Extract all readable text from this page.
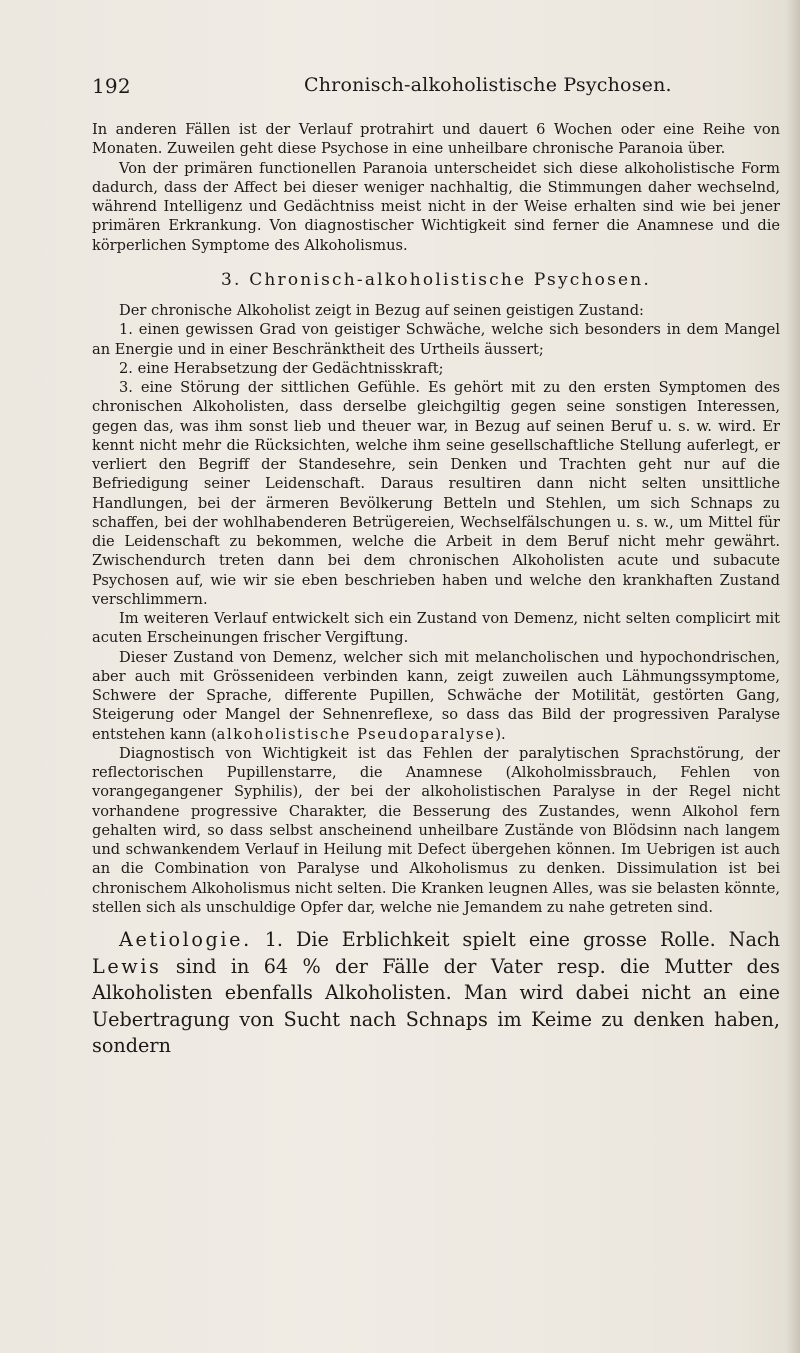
192	Chronisch-alkoholistische Psychosen.

In anderen Fällen ist der Verlauf protrahirt und dauert 6 Wochen oder eine Reihe von Monaten. Zuweilen geht diese Psychose in eine unheilbare chronische Paranoia über.

Von der primären functionellen Paranoia unterscheidet sich diese alkoholistische Form dadurch, dass der Affect bei dieser weniger nachhaltig, die Stimmungen daher wechselnd, während Intelligenz und Gedächtniss meist nicht in der Weise erhalten sind wie bei jener primären Erkrankung. Von diagnostischer Wichtigkeit sind ferner die Anamnese und die körperlichen Symptome des Alkoholismus.

3. Chronisch-alkoholistische Psychosen.

Der chronische Alkoholist zeigt in Bezug auf seinen geistigen Zustand:

1. einen gewissen Grad von geistiger Schwäche, welche sich besonders in dem Mangel an Energie und in einer Beschränktheit des Urtheils äussert;

2. eine Herabsetzung der Gedächtnisskraft;

3. eine Störung der sittlichen Gefühle. Es gehört mit zu den ersten Symptomen des chronischen Alkoholisten, dass derselbe gleichgiltig gegen seine sonstigen Interessen, gegen das, was ihm sonst lieb und theuer war, in Bezug auf seinen Beruf u. s. w. wird. Er kennt nicht mehr die Rücksichten, welche ihm seine gesellschaftliche Stellung auferlegt, er verliert den Begriff der Standesehre, sein Denken und Trachten geht nur auf die Befriedigung seiner Leidenschaft. Daraus resultiren dann nicht selten unsittliche Handlungen, bei der ärmeren Bevölkerung Betteln und Stehlen, um sich Schnaps zu schaffen, bei der wohlhabenderen Betrügereien, Wechselfälschungen u. s. w., um Mittel für die Leidenschaft zu bekommen, welche die Arbeit in dem Beruf nicht mehr gewährt. Zwischendurch treten dann bei dem chronischen Alkoholisten acute und subacute Psychosen auf, wie wir sie eben beschrieben haben und welche den krankhaften Zustand verschlimmern.

Im weiteren Verlauf entwickelt sich ein Zustand von Demenz, nicht selten complicirt mit acuten Erscheinungen frischer Vergiftung.

Dieser Zustand von Demenz, welcher sich mit melancholischen und hypochondrischen, aber auch mit Grössenideen verbinden kann, zeigt zuweilen auch Lähmungssymptome, Schwere der Sprache, differente Pupillen, Schwäche der Motilität, gestörten Gang, Steigerung oder Mangel der Sehnenreflexe, so dass das Bild der progressiven Paralyse entstehen kann (alkoholistische Pseudoparalyse).

Diagnostisch von Wichtigkeit ist das Fehlen der paralytischen Sprachstörung, der reflectorischen Pupillenstarre, die Anamnese (Alkoholmissbrauch, Fehlen von vorangegangener Syphilis), der bei der alkoholistischen Paralyse in der Regel nicht vorhandene progressive Charakter, die Besserung des Zustandes, wenn Alkohol fern gehalten wird, so dass selbst anscheinend unheilbare Zustände von Blödsinn nach langem und schwankendem Verlauf in Heilung mit Defect übergehen können. Im Uebrigen ist auch an die Combination von Paralyse und Alkoholismus zu denken. Dissimulation ist bei chronischem Alkoholismus nicht selten. Die Kranken leugnen Alles, was sie belasten könnte, stellen sich als unschuldige Opfer dar, welche nie Jemandem zu nahe getreten sind.

Aetiologie. 1. Die Erblichkeit spielt eine grosse Rolle. Nach Lewis sind in 64 % der Fälle der Vater resp. die Mutter des Alkoholisten ebenfalls Alkoholisten. Man wird dabei nicht an eine Uebertragung von Sucht nach Schnaps im Keime zu denken haben, sondern
